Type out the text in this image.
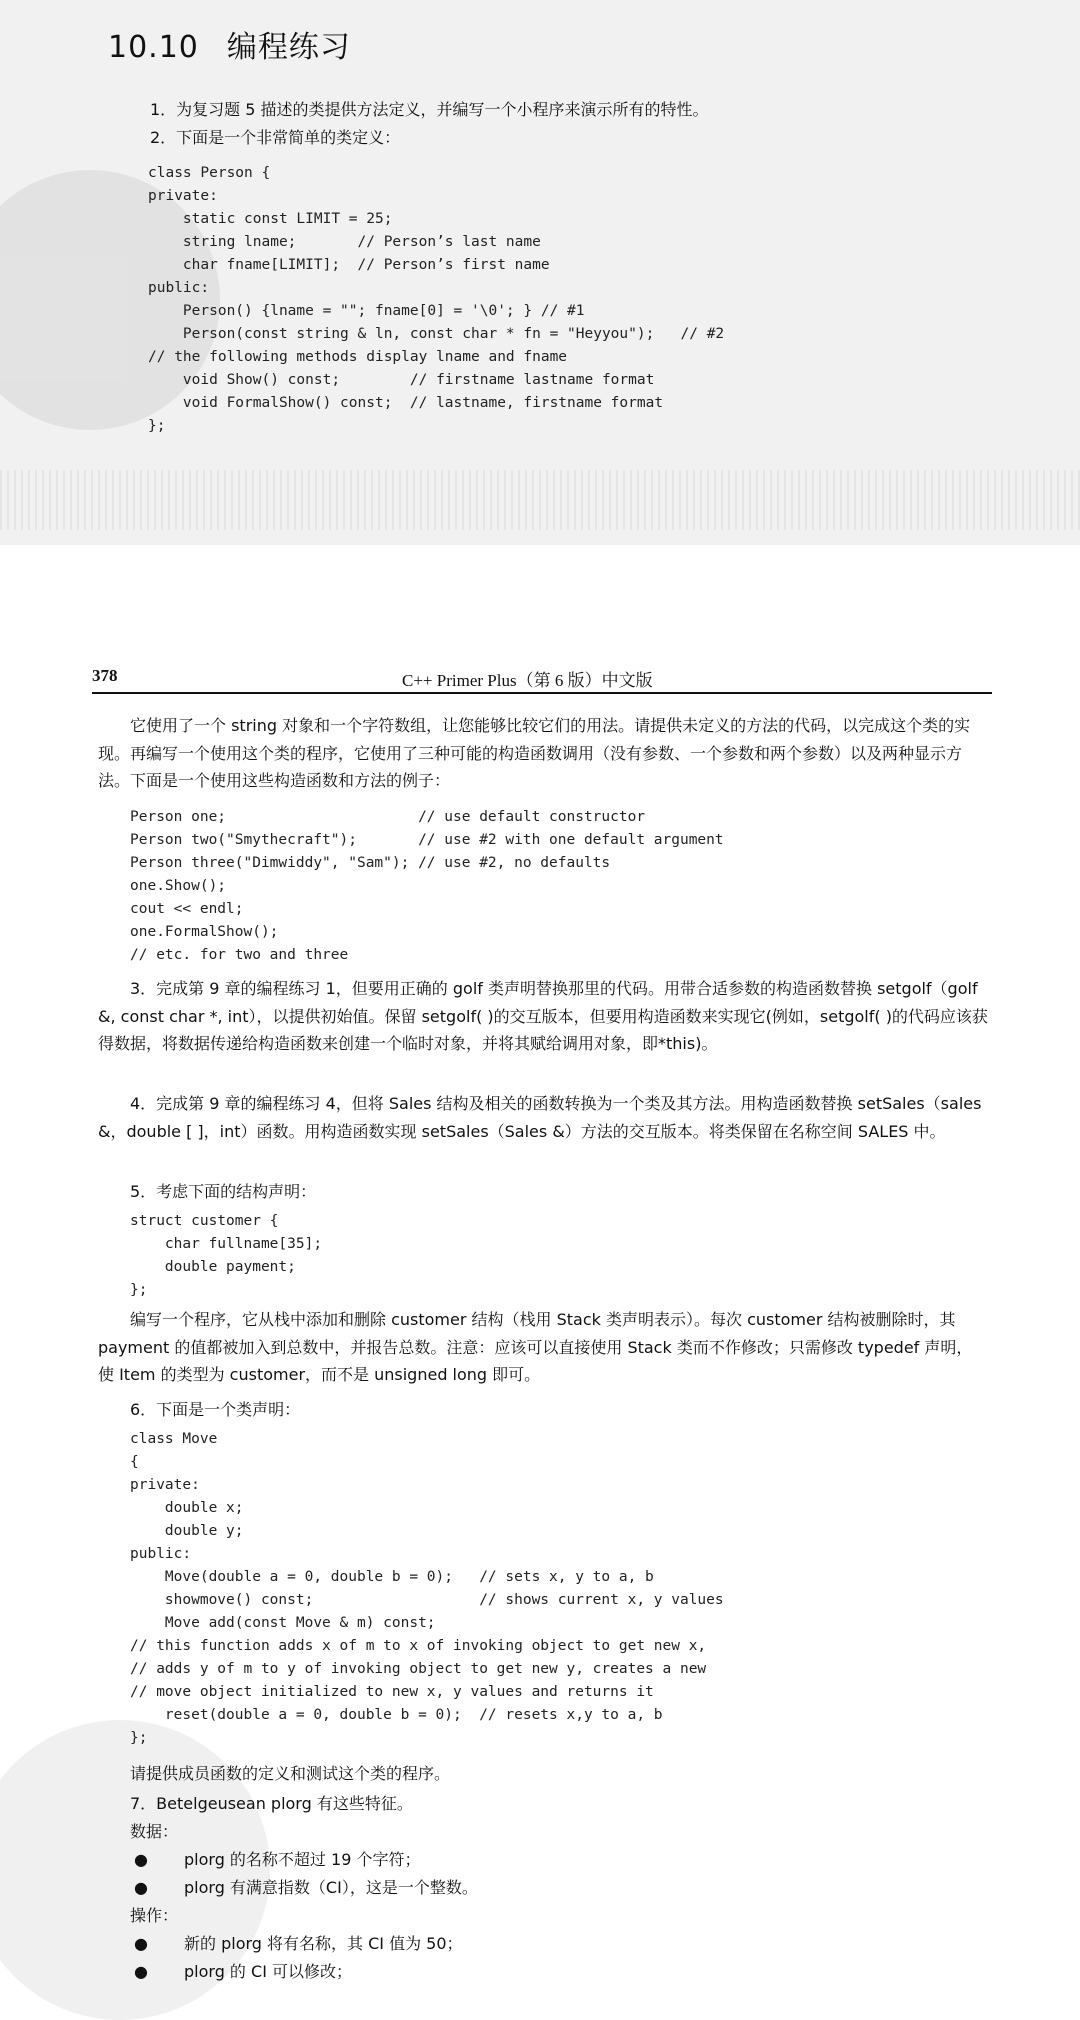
10.10 编程练习

1．为复习题 5 描述的类提供方法定义，并编写一个小程序来演示所有的特性。

2．下面是一个非常简单的类定义：

class Person {
private:
static const LIMIT = 25;
string lname;       // Person’s last name
char fname[LIMIT];  // Person’s first name
public:
Person() {lname = ""; fname[0] = '\0'; } // #1
Person(const string & ln, const char * fn = "Heyyou");   // #2
// the following methods display lname and fname
void Show() const;        // firstname lastname format
void FormalShow() const;  // lastname, firstname format
};
378	C++ Primer Plus（第 6 版）中文版

它使用了一个 string 对象和一个字符数组，让您能够比较它们的用法。请提供未定义的方法的代码，以完成这个类的实现。再编写一个使用这个类的程序，它使用了三种可能的构造函数调用（没有参数、一个参数和两个参数）以及两种显示方法。下面是一个使用这些构造函数和方法的例子：

Person one;                      // use default constructor
Person two("Smythecraft");       // use #2 with one default argument
Person three("Dimwiddy", "Sam"); // use #2, no defaults
one.Show();
cout << endl;
one.FormalShow();
// etc. for two and three

3．完成第 9 章的编程练习 1，但要用正确的 golf 类声明替换那里的代码。用带合适参数的构造函数替换 setgolf（golf &, const char *, int），以提供初始值。保留 setgolf( )的交互版本，但要用构造函数来实现它(例如，setgolf( )的代码应该获得数据，将数据传递给构造函数来创建一个临时对象，并将其赋给调用对象，即*this)。

4．完成第 9 章的编程练习 4，但将 Sales 结构及相关的函数转换为一个类及其方法。用构造函数替换 setSales（sales &，double [ ]，int）函数。用构造函数实现 setSales（Sales &）方法的交互版本。将类保留在名称空间 SALES 中。

5．考虑下面的结构声明：

struct customer {
char fullname[35];
double payment;
};

编写一个程序，它从栈中添加和删除 customer 结构（栈用 Stack 类声明表示）。每次 customer 结构被删除时，其 payment 的值都被加入到总数中，并报告总数。注意：应该可以直接使用 Stack 类而不作修改；只需修改 typedef 声明，使 Item 的类型为 customer，而不是 unsigned long 即可。

6．下面是一个类声明：

class Move
{
private:
double x;
double y;
public:
Move(double a = 0, double b = 0);   // sets x, y to a, b
showmove() const;                   // shows current x, y values
Move add(const Move & m) const;
// this function adds x of m to x of invoking object to get new x,
// adds y of m to y of invoking object to get new y, creates a new
// move object initialized to new x, y values and returns it
reset(double a = 0, double b = 0);  // resets x,y to a, b
};

请提供成员函数的定义和测试这个类的程序。

7．Betelgeusean plorg 有这些特征。

数据：

● plorg 的名称不超过 19 个字符；

● plorg 有满意指数（CI），这是一个整数。

操作：

● 新的 plorg 将有名称，其 CI 值为 50；

● plorg 的 CI 可以修改；
